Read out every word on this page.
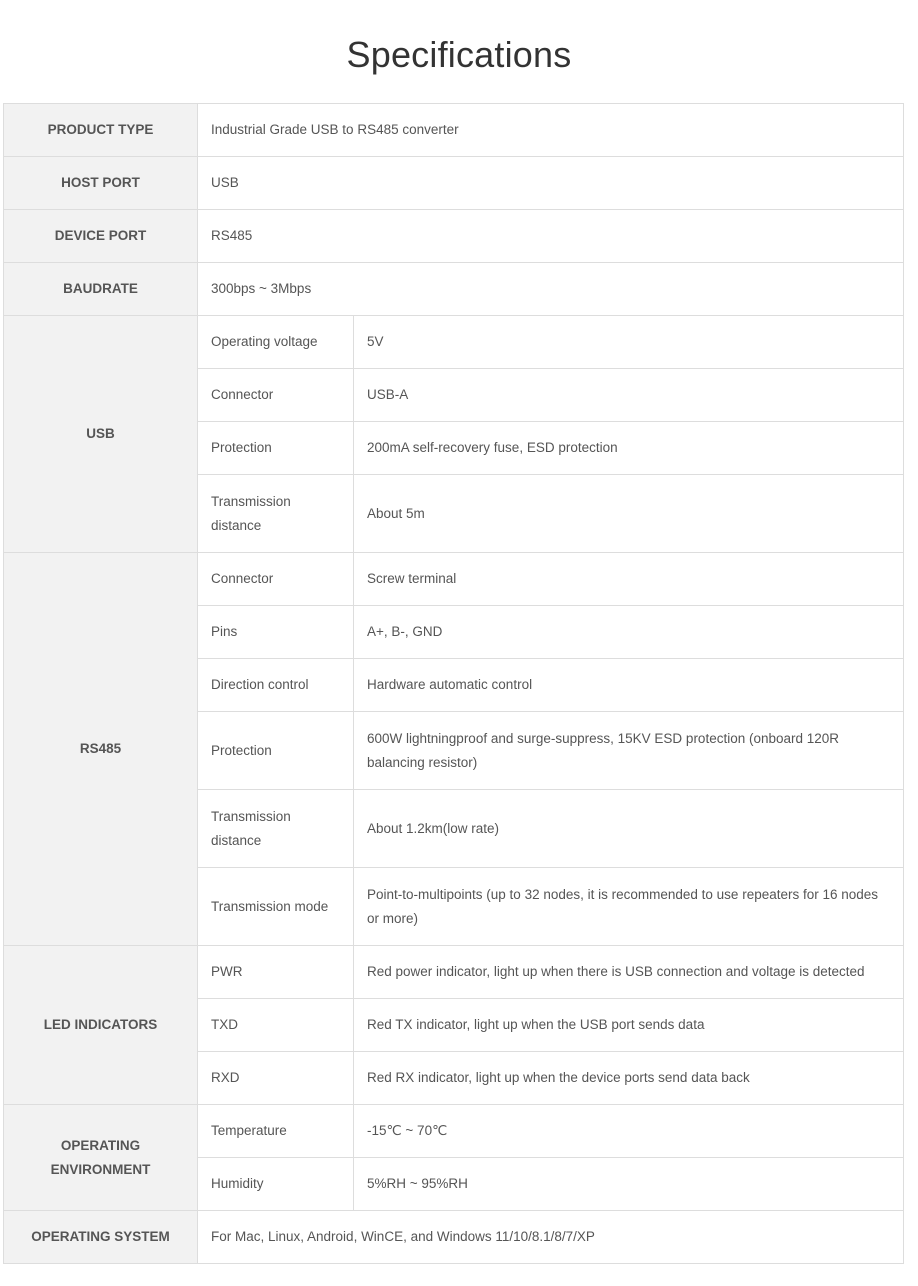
Specifications
PRODUCT TYPE	Industrial Grade USB to RS485 converter	
HOST PORT	USB	
DEVICE PORT	RS485	
BAUDRATE	300bps ~ 3Mbps	
USB	Operating voltage	5V
	Connector	USB-A
	Protection	200mA self-recovery fuse, ESD protection
	Transmission distance	About 5m
RS485	Connector	Screw terminal
	Pins	A+, B-, GND
	Direction control	Hardware automatic control
	Protection	600W lightningproof and surge-suppress, 15KV ESD protection (onboard 120R balancing resistor)
	Transmission distance	About 1.2km(low rate)
	Transmission mode	Point-to-multipoints (up to 32 nodes, it is recommended to use repeaters for 16 nodes or more)
LED INDICATORS	PWR	Red power indicator, light up when there is USB connection and voltage is detected
	TXD	Red TX indicator, light up when the USB port sends data
	RXD	Red RX indicator, light up when the device ports send data back
OPERATING ENVIRONMENT	Temperature	-15℃ ~ 70℃
	Humidity	5%RH ~ 95%RH
OPERATING SYSTEM	For Mac, Linux, Android, WinCE, and Windows 11/10/8.1/8/7/XP	
